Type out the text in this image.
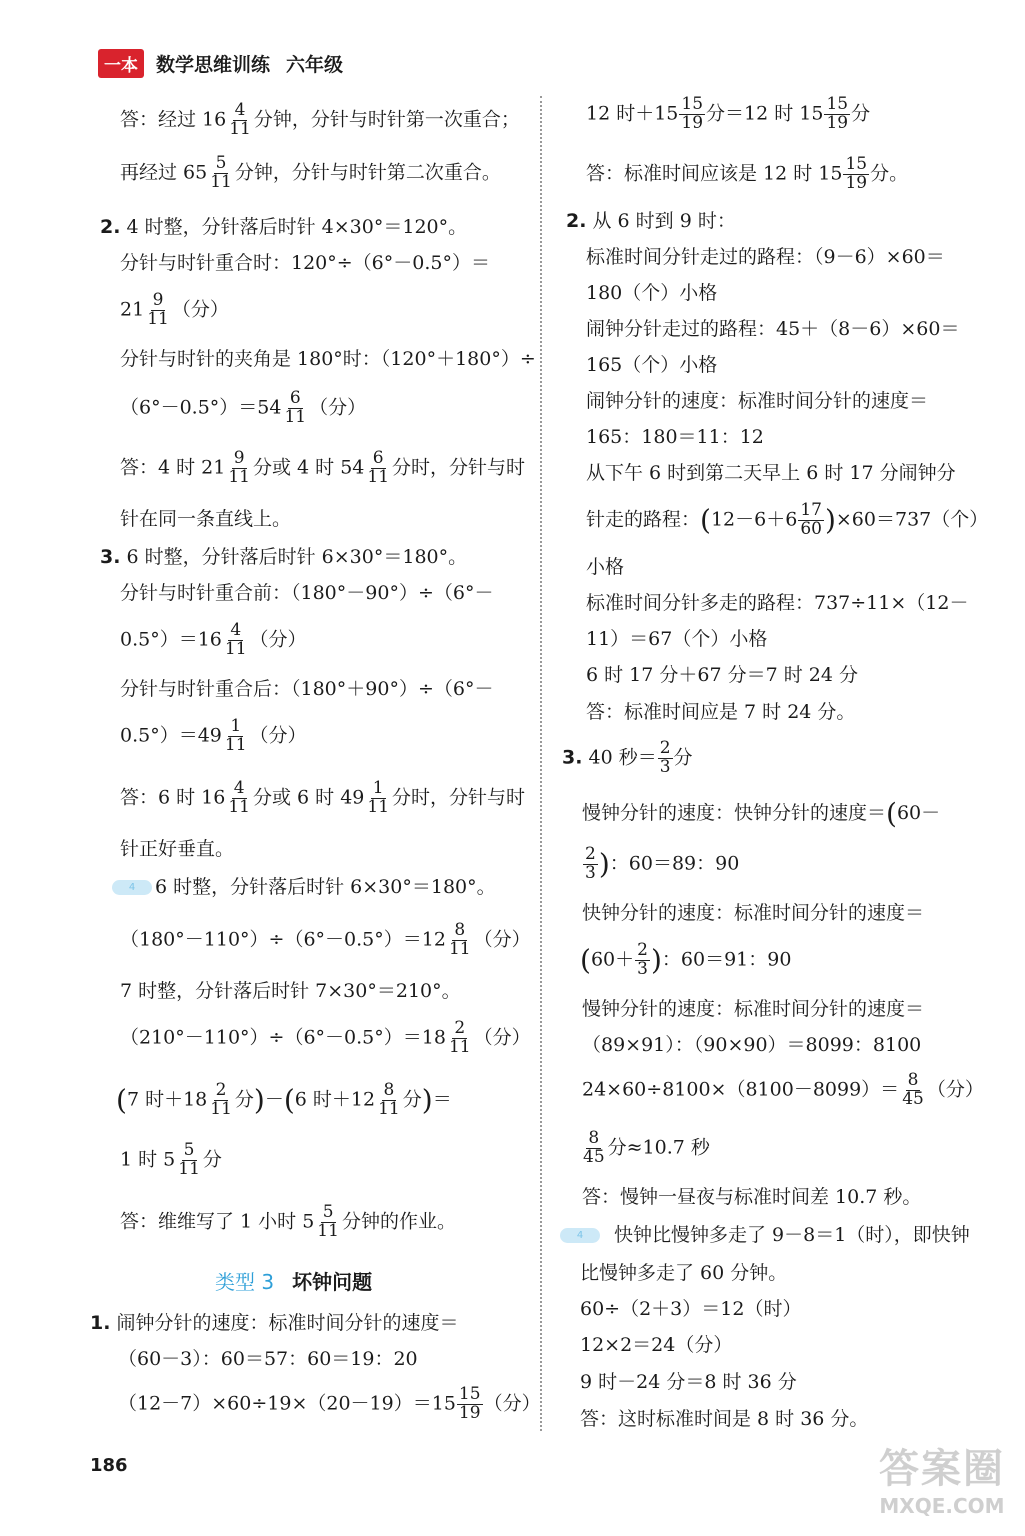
一本 数学思维训练 六年级
答：经过 $16 \frac{4}{11}$ 分钟，分针与时针第一次重合；
再经过 $65 \frac{5}{11}$ 分钟，分针与时针第二次重合。
2. 4 时整，分针落后时针 4×30°＝120°。
分针与时针重合时：120°÷（6°－0.5°）＝
$21 \frac{9}{11}$ （分）
分针与时针的夹角是 180°时：（120°＋180°）÷
$(6^\circ-0.5^\circ)=54 \frac{6}{11}$ （分）
答：4 时 $21 \frac{9}{11}$ 分或 4 时 $54 \frac{6}{11}$ 分时，分针与时
针在同一条直线上。
3. 6 时整，分针落后时针 6×30°＝180°。
分针与时针重合前：（180°－90°）÷（6°－
$0.5^\circ)=16 \frac{4}{11}$ （分）
分针与时针重合后：（180°＋90°）÷（6°－
$0.5^\circ)=49 \frac{1}{11}$ （分）
答：6 时 $16 \frac{4}{11}$ 分或 6 时 $49 \frac{1}{11}$ 分时，分针与时
针正好垂直。
4	6 时整，分针落后时针 6×30°＝180°。
$(180^\circ-110^\circ)\div(6^\circ-0.5^\circ)=12 \frac{8}{11}$ （分）
7 时整，分针落后时针 7×30°＝210°。
$(210^\circ-110^\circ)\div(6^\circ-0.5^\circ)=18 \frac{2}{11}$ （分）
(7 时$+18 \frac{2}{11}$ 分)－(6 时$+12 \frac{8}{11}$ 分)＝
1 时 $5 \frac{5}{11}$ 分
答：维维写了 1 小时 $5 \frac{5}{11}$ 分钟的作业。
类型 3 坏钟问题
1. 闹钟分针的速度：标准时间分针的速度＝
（60－3）：60＝57：60＝19：20
$(12-7)\times 60\div 19\times(20-19)=15 \frac{15}{19}$ （分）
12 时$+15 \frac{15}{19}$ 分＝12 时 $15 \frac{15}{19}$ 分
答：标准时间应该是 12 时 $15 \frac{15}{19}$ 分。
2. 从 6 时到 9 时：
标准时间分针走过的路程：（9－6）×60＝
180（个）小格
闹钟分针走过的路程：45＋（8－6）×60＝
165（个）小格
闹钟分针的速度：标准时间分针的速度＝
165：180＝11：12
从下午 6 时到第二天早上 6 时 17 分闹钟分
针走的路程：$(12-6+6 \frac{17}{60} )\times 60=737$（个）
小格
标准时间分针多走的路程：737÷11×（12－
11）＝67（个）小格
6 时 17 分＋67 分＝7 时 24 分
答：标准时间应是 7 时 24 分。
3. 40 秒＝ $\frac{2}{3}$ 分
慢钟分针的速度：快钟分针的速度＝(60－
$\frac{2}{3}$ )：60＝89：90
快钟分针的速度：标准时间分针的速度＝
($60+ \frac{2}{3}$ )：60＝91：90
慢钟分针的速度：标准时间分针的速度＝
（89×91）：（90×90）＝8099：8100
$24\times 60\div 8100\times(8100-8099)= \frac{8}{45}$ （分）
$\frac{8}{45}$ 分≈10.7 秒
答：慢钟一昼夜与标准时间差 10.7 秒。
4	快钟比慢钟多走了 9－8＝1（时），即快钟
比慢钟多走了 60 分钟。
60÷（2＋3）＝12（时）
12×2＝24（分）
9 时－24 分＝8 时 36 分
答：这时标准时间是 8 时 36 分。
186	答案圈
MXQE.COM
